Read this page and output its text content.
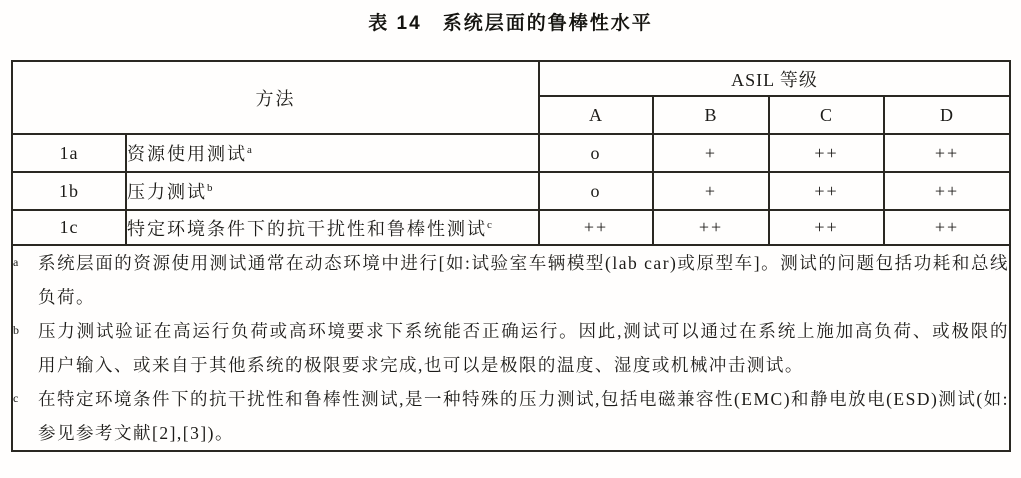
表 14　系统层面的鲁棒性水平
方法		ASIL 等级			
		A	B	C	D
1a	资源使用测试$^a$	o	+	++	++
1b	压力测试$^b$	o	+	++	++
1c	特定环境条件下的抗干扰性和鲁棒性测试$^c$	++	++	++	++

a	系统层面的资源使用测试通常在动态环境中进行[如:试验室车辆模型(lab car)或原型车]。测试的问题包括功耗和总线负荷。
b	压力测试验证在高运行负荷或高环境要求下系统能否正确运行。因此,测试可以通过在系统上施加高负荷、或极限的用户输入、或来自于其他系统的极限要求完成,也可以是极限的温度、湿度或机械冲击测试。
c	在特定环境条件下的抗干扰性和鲁棒性测试,是一种特殊的压力测试,包括电磁兼容性(EMC)和静电放电(ESD)测试(如:参见参考文献[2],[3])。
